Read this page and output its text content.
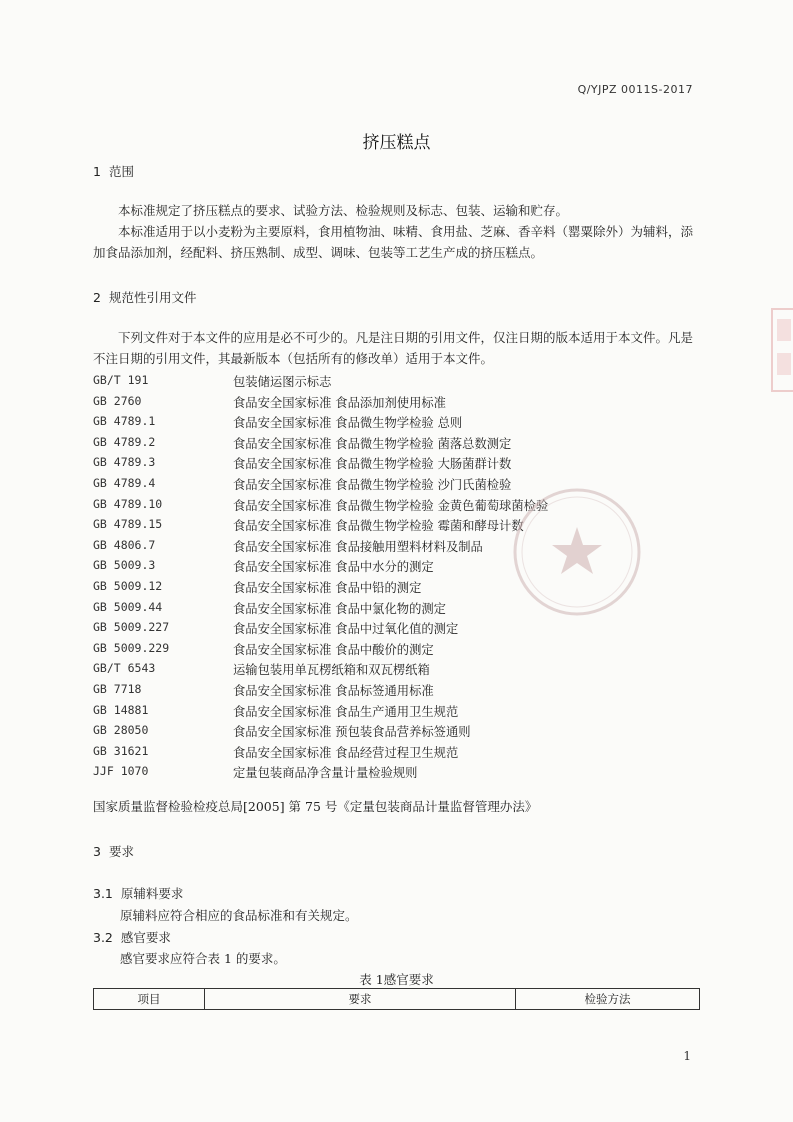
Q/YJPZ 0011S-2017
挤压糕点
1 范围

本标准规定了挤压糕点的要求、试验方法、检验规则及标志、包装、运输和贮存。

本标准适用于以小麦粉为主要原料，食用植物油、味精、食用盐、芝麻、香辛料（罂粟除外）为辅料，添加食品添加剂，经配料、挤压熟制、成型、调味、包装等工艺生产成的挤压糕点。

2 规范性引用文件

下列文件对于本文件的应用是必不可少的。凡是注日期的引用文件，仅注日期的版本适用于本文件。凡是不注日期的引用文件，其最新版本（包括所有的修改单）适用于本文件。

GB/T 191	包装储运图示标志
GB 2760	食品安全国家标准 食品添加剂使用标准
GB 4789.1	食品安全国家标准 食品微生物学检验 总则
GB 4789.2	食品安全国家标准 食品微生物学检验 菌落总数测定
GB 4789.3	食品安全国家标准 食品微生物学检验 大肠菌群计数
GB 4789.4	食品安全国家标准 食品微生物学检验 沙门氏菌检验
GB 4789.10	食品安全国家标准 食品微生物学检验 金黄色葡萄球菌检验
GB 4789.15	食品安全国家标准 食品微生物学检验 霉菌和酵母计数
GB 4806.7	食品安全国家标准 食品接触用塑料材料及制品
GB 5009.3	食品安全国家标准 食品中水分的测定
GB 5009.12	食品安全国家标准 食品中铅的测定
GB 5009.44	食品安全国家标准 食品中氯化物的测定
GB 5009.227	食品安全国家标准 食品中过氧化值的测定
GB 5009.229	食品安全国家标准 食品中酸价的测定
GB/T 6543	运输包装用单瓦楞纸箱和双瓦楞纸箱
GB 7718	食品安全国家标准 食品标签通用标准
GB 14881	食品安全国家标准 食品生产通用卫生规范
GB 28050	食品安全国家标准 预包装食品营养标签通则
GB 31621	食品安全国家标准 食品经营过程卫生规范
JJF 1070	定量包装商品净含量计量检验规则
国家质量监督检验检疫总局[2005] 第 75 号《定量包装商品计量监督管理办法》
3 要求
3.1 原辅料要求
原辅料应符合相应的食品标准和有关规定。
3.2 感官要求
感官要求应符合表 1 的要求。
表 1感官要求
项目	要求	检验方法
1
